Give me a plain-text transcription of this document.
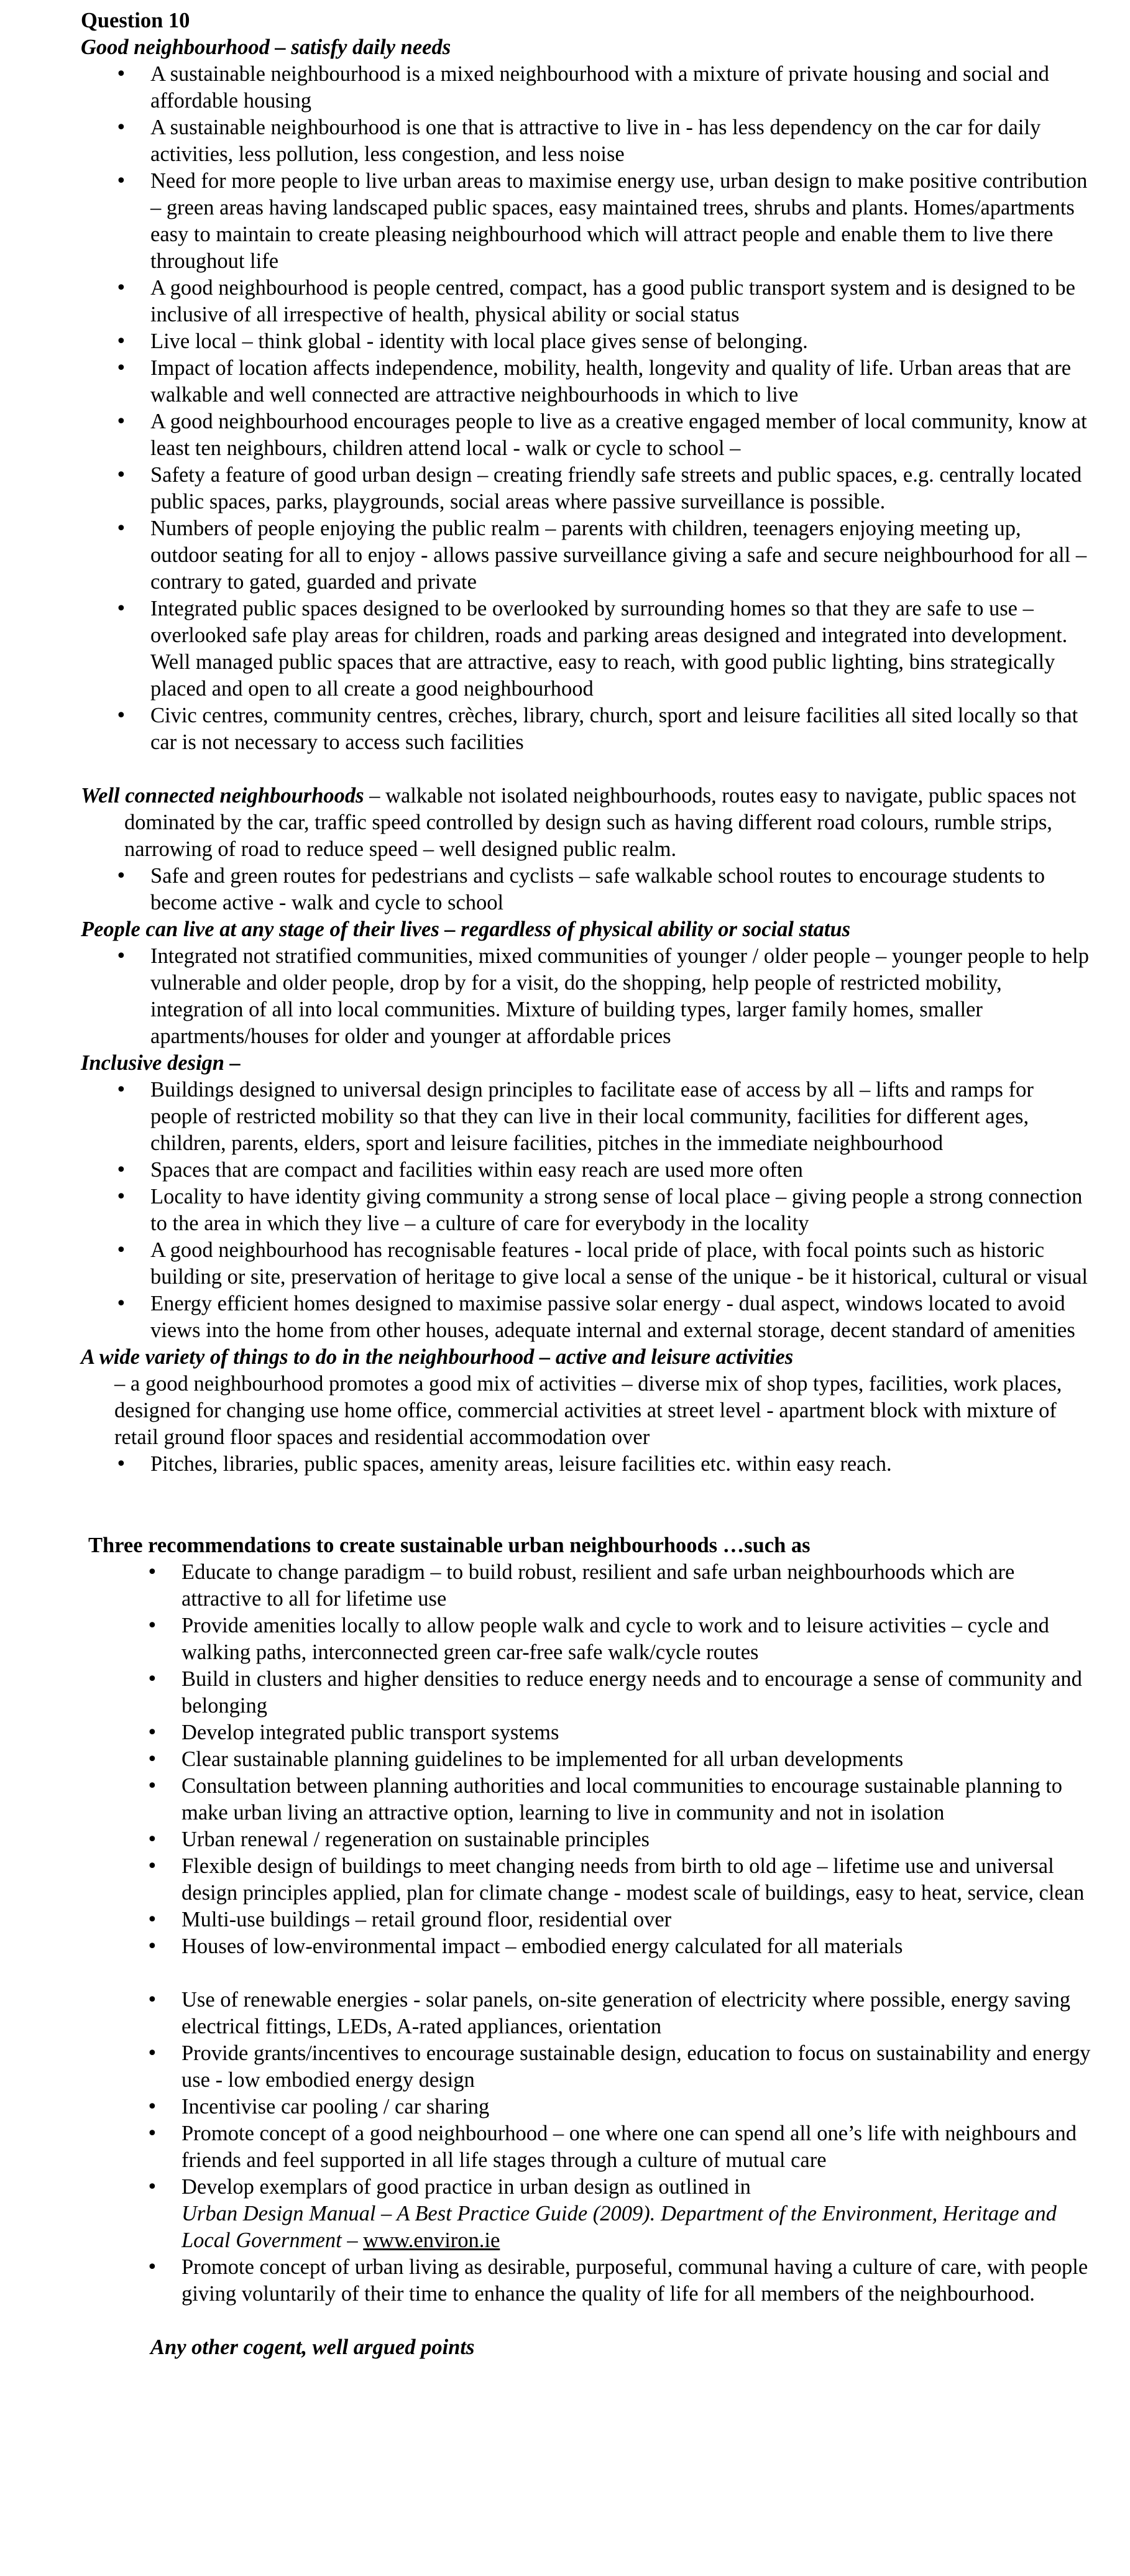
Question 10

Good neighbourhood – satisfy daily needs

• A sustainable neighbourhood is a mixed neighbourhood with a mixture of private housing and social and affordable housing
• A sustainable neighbourhood is one that is attractive to live in - has less dependency on the car for daily activities, less pollution, less congestion, and less noise
• Need for more people to live urban areas to maximise energy use, urban design to make positive contribution – green areas having landscaped public spaces, easy maintained trees, shrubs and plants. Homes/apartments easy to maintain to create pleasing neighbourhood which will attract people and enable them to live there throughout life
• A good neighbourhood is people centred, compact, has a good public transport system and is designed to be inclusive of all irrespective of health, physical ability or social status
• Live local – think global - identity with local place gives sense of belonging.
• Impact of location affects independence, mobility, health, longevity and quality of life. Urban areas that are walkable and well connected are attractive neighbourhoods in which to live
• A good neighbourhood encourages people to live as a creative engaged member of local community, know at least ten neighbours, children attend local - walk or cycle to school –
• Safety a feature of good urban design – creating friendly safe streets and public spaces, e.g. centrally located public spaces, parks, playgrounds, social areas where passive surveillance is possible.
• Numbers of people enjoying the public realm – parents with children, teenagers enjoying meeting up, outdoor seating for all to enjoy - allows passive surveillance giving a safe and secure neighbourhood for all – contrary to gated, guarded and private
• Integrated public spaces designed to be overlooked by surrounding homes so that they are safe to use – overlooked safe play areas for children, roads and parking areas designed and integrated into development. Well managed public spaces that are attractive, easy to reach, with good public lighting, bins strategically placed and open to all create a good neighbourhood
• Civic centres, community centres, crèches, library, church, sport and leisure facilities all sited locally so that car is not necessary to access such facilities

Well connected neighbourhoods – walkable not isolated neighbourhoods, routes easy to navigate, public spaces not dominated by the car, traffic speed controlled by design such as having different road colours, rumble strips, narrowing of road to reduce speed – well designed public realm.

• Safe and green routes for pedestrians and cyclists – safe walkable school routes to encourage students to become active - walk and cycle to school

People can live at any stage of their lives – regardless of physical ability or social status

• Integrated not stratified communities, mixed communities of younger / older people – younger people to help vulnerable and older people, drop by for a visit, do the shopping, help people of restricted mobility, integration of all into local communities. Mixture of building types, larger family homes, smaller apartments/houses for older and younger at affordable prices

Inclusive design –

• Buildings designed to universal design principles to facilitate ease of access by all – lifts and ramps for people of restricted mobility so that they can live in their local community, facilities for different ages, children, parents, elders, sport and leisure facilities, pitches in the immediate neighbourhood
• Spaces that are compact and facilities within easy reach are used more often
• Locality to have identity giving community a strong sense of local place – giving people a strong connection to the area in which they live – a culture of care for everybody in the locality
• A good neighbourhood has recognisable features - local pride of place, with focal points such as historic building or site, preservation of heritage to give local a sense of the unique - be it historical, cultural or visual
• Energy efficient homes designed to maximise passive solar energy - dual aspect, windows located to avoid views into the home from other houses, adequate internal and external storage, decent standard of amenities

A wide variety of things to do in the neighbourhood – active and leisure activities

– a good neighbourhood promotes a good mix of activities – diverse mix of shop types, facilities, work places, designed for changing use home office, commercial activities at street level - apartment block with mixture of retail ground floor spaces and residential accommodation over

• Pitches, libraries, public spaces, amenity areas, leisure facilities etc. within easy reach.

Three recommendations to create sustainable urban neighbourhoods …such as

• Educate to change paradigm – to build robust, resilient and safe urban neighbourhoods which are attractive to all for lifetime use
• Provide amenities locally to allow people walk and cycle to work and to leisure activities – cycle and walking paths, interconnected green car-free safe walk/cycle routes
• Build in clusters and higher densities to reduce energy needs and to encourage a sense of community and belonging
• Develop integrated public transport systems
• Clear sustainable planning guidelines to be implemented for all urban developments
• Consultation between planning authorities and local communities to encourage sustainable planning to make urban living an attractive option, learning to live in community and not in isolation
• Urban renewal / regeneration on sustainable principles
• Flexible design of buildings to meet changing needs from birth to old age – lifetime use and universal design principles applied, plan for climate change - modest scale of buildings, easy to heat, service, clean
• Multi-use buildings – retail ground floor, residential over
• Houses of low-environmental impact – embodied energy calculated for all materials
• Use of renewable energies - solar panels, on-site generation of electricity where possible, energy saving electrical fittings, LEDs, A-rated appliances, orientation
• Provide grants/incentives to encourage sustainable design, education to focus on sustainability and energy use - low embodied energy design
• Incentivise car pooling / car sharing
• Promote concept of a good neighbourhood – one where one can spend all one’s life with neighbours and friends and feel supported in all life stages through a culture of mutual care
• Develop exemplars of good practice in urban design as outlined in
Urban Design Manual – A Best Practice Guide (2009). Department of the Environment, Heritage and Local Government – www.environ.ie
• Promote concept of urban living as desirable, purposeful, communal having a culture of care, with people giving voluntarily of their time to enhance the quality of life for all members of the neighbourhood.

Any other cogent, well argued points
